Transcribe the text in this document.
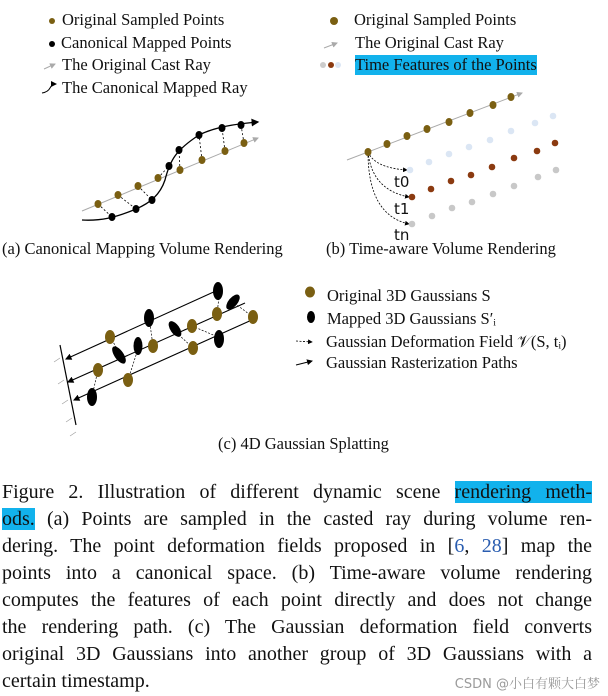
Original Sampled Points
Canonical Mapped Points
The Original Cast Ray
The Canonical Mapped Ray
Original Sampled Points
The Original Cast Ray
Time Features of the Points
t0
t1
tn
(a) Canonical Mapping Volume Rendering	(b) Time-aware Volume Rendering
Original 3D Gaussians S
Mapped 3D Gaussians S′ᵢ
Gaussian Deformation Field 𝒱(S, tᵢ)
Gaussian Rasterization Paths
(c) 4D Gaussian Splatting
Figure 2. Illustration of different dynamic scene rendering meth-
ods. (a) Points are sampled in the casted ray during volume ren-
dering. The point deformation fields proposed in [6, 28] map the
points into a canonical space. (b) Time-aware volume rendering
computes the features of each point directly and does not change
the rendering path. (c) The Gaussian deformation field converts
original 3D Gaussians into another group of 3D Gaussians with a
certain timestamp.	CSDN @小白有颗大白梦
